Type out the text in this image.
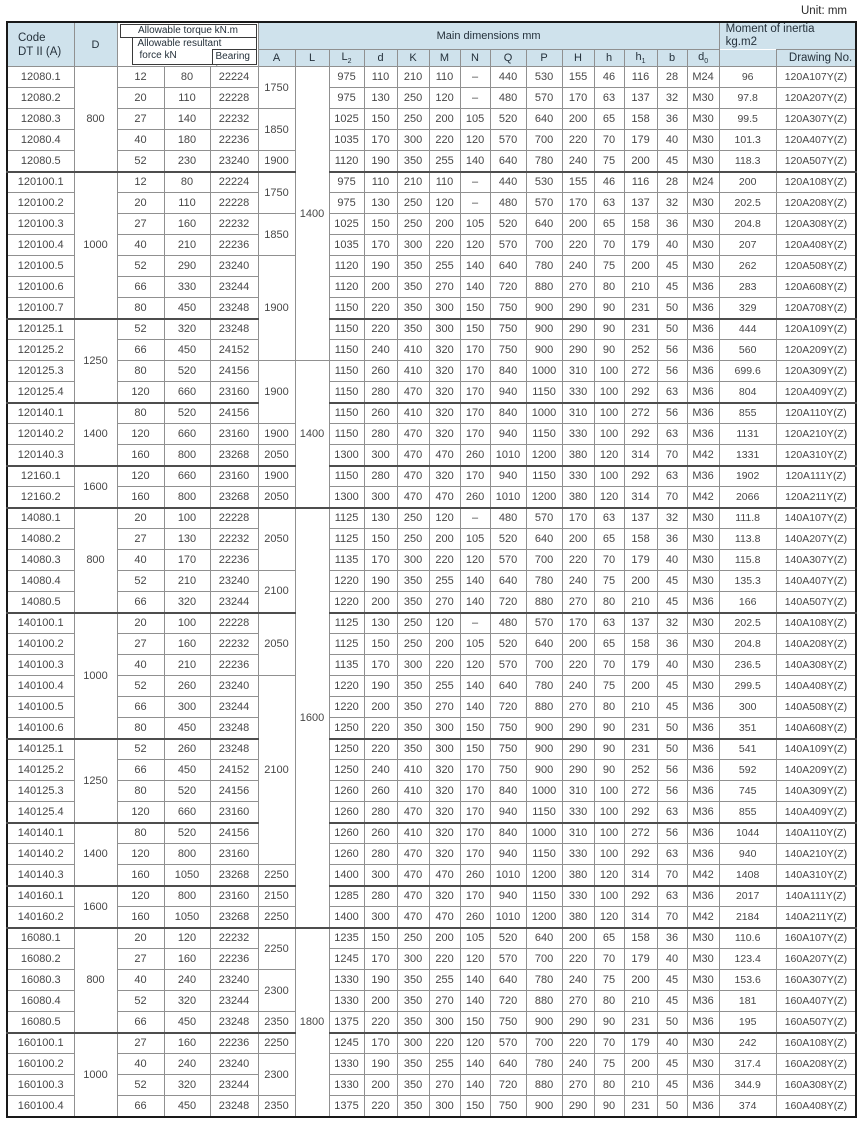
Unit: mm
Code
DT II (A)	D	
Allowable torque kN.m
Allowable resultant
force kN	Bearing
	Main dimensions mm	Moment of inertia
kg.m2
					A	L	$L_2$	d	K	M	N	Q	P	H	h	$h_1$	b	$d_0$		Drawing No.
12080.1	800	12	80	22224	1750	1400	975	110	210	110	–	440	530	155	46	116	28	M24	96	120A107Y(Z)
12080.2		20	110	22228			975	130	250	120	–	480	570	170	63	137	32	M30	97.8	120A207Y(Z)
12080.3		27	140	22232	1850		1025	150	250	200	105	520	640	200	65	158	36	M30	99.5	120A307Y(Z)
12080.4		40	180	22236			1035	170	300	220	120	570	700	220	70	179	40	M30	101.3	120A407Y(Z)
12080.5		52	230	23240	1900		1120	190	350	255	140	640	780	240	75	200	45	M30	118.3	120A507Y(Z)
120100.1	1000	12	80	22224	1750		975	110	210	110	–	440	530	155	46	116	28	M24	200	120A108Y(Z)
120100.2		20	110	22228			975	130	250	120	–	480	570	170	63	137	32	M30	202.5	120A208Y(Z)
120100.3		27	160	22232	1850		1025	150	250	200	105	520	640	200	65	158	36	M30	204.8	120A308Y(Z)
120100.4		40	210	22236			1035	170	300	220	120	570	700	220	70	179	40	M30	207	120A408Y(Z)
120100.5		52	290	23240	1900		1120	190	350	255	140	640	780	240	75	200	45	M30	262	120A508Y(Z)
120100.6		66	330	23244			1120	200	350	270	140	720	880	270	80	210	45	M36	283	120A608Y(Z)
120100.7		80	450	23248			1150	220	350	300	150	750	900	290	90	231	50	M36	329	120A708Y(Z)
120125.1	1250	52	320	23248			1150	220	350	300	150	750	900	290	90	231	50	M36	444	120A109Y(Z)
120125.2		66	450	24152			1150	240	410	320	170	750	900	290	90	252	56	M36	560	120A209Y(Z)
120125.3		80	520	24156	1900	1400	1150	260	410	320	170	840	1000	310	100	272	56	M36	699.6	120A309Y(Z)
120125.4		120	660	23160			1150	280	470	320	170	940	1150	330	100	292	63	M36	804	120A409Y(Z)
120140.1	1400	80	520	24156			1150	260	410	320	170	840	1000	310	100	272	56	M36	855	120A110Y(Z)
120140.2		120	660	23160	1900		1150	280	470	320	170	940	1150	330	100	292	63	M36	1131	120A210Y(Z)
120140.3		160	800	23268	2050		1300	300	470	470	260	1010	1200	380	120	314	70	M42	1331	120A310Y(Z)
12160.1	1600	120	660	23160	1900		1150	280	470	320	170	940	1150	330	100	292	63	M36	1902	120A111Y(Z)
12160.2		160	800	23268	2050		1300	300	470	470	260	1010	1200	380	120	314	70	M42	2066	120A211Y(Z)
14080.1	800	20	100	22228	2050	1600	1125	130	250	120	–	480	570	170	63	137	32	M30	111.8	140A107Y(Z)
14080.2		27	130	22232			1125	150	250	200	105	520	640	200	65	158	36	M30	113.8	140A207Y(Z)
14080.3		40	170	22236			1135	170	300	220	120	570	700	220	70	179	40	M30	115.8	140A307Y(Z)
14080.4		52	210	23240	2100		1220	190	350	255	140	640	780	240	75	200	45	M30	135.3	140A407Y(Z)
14080.5		66	320	23244			1220	200	350	270	140	720	880	270	80	210	45	M36	166	140A507Y(Z)
140100.1	1000	20	100	22228	2050		1125	130	250	120	–	480	570	170	63	137	32	M30	202.5	140A108Y(Z)
140100.2		27	160	22232			1125	150	250	200	105	520	640	200	65	158	36	M30	204.8	140A208Y(Z)
140100.3		40	210	22236			1135	170	300	220	120	570	700	220	70	179	40	M30	236.5	140A308Y(Z)
140100.4		52	260	23240	2100		1220	190	350	255	140	640	780	240	75	200	45	M30	299.5	140A408Y(Z)
140100.5		66	300	23244			1220	200	350	270	140	720	880	270	80	210	45	M36	300	140A508Y(Z)
140100.6		80	450	23248			1250	220	350	300	150	750	900	290	90	231	50	M36	351	140A608Y(Z)
140125.1	1250	52	260	23248			1250	220	350	300	150	750	900	290	90	231	50	M36	541	140A109Y(Z)
140125.2		66	450	24152			1250	240	410	320	170	750	900	290	90	252	56	M36	592	140A209Y(Z)
140125.3		80	520	24156			1260	260	410	320	170	840	1000	310	100	272	56	M36	745	140A309Y(Z)
140125.4		120	660	23160			1260	280	470	320	170	940	1150	330	100	292	63	M36	855	140A409Y(Z)
140140.1	1400	80	520	24156			1260	260	410	320	170	840	1000	310	100	272	56	M36	1044	140A110Y(Z)
140140.2		120	800	23160			1260	280	470	320	170	940	1150	330	100	292	63	M36	940	140A210Y(Z)
140140.3		160	1050	23268	2250		1400	300	470	470	260	1010	1200	380	120	314	70	M42	1408	140A310Y(Z)
140160.1	1600	120	800	23160	2150		1285	280	470	320	170	940	1150	330	100	292	63	M36	2017	140A111Y(Z)
140160.2		160	1050	23268	2250		1400	300	470	470	260	1010	1200	380	120	314	70	M42	2184	140A211Y(Z)
16080.1	800	20	120	22232	2250	1800	1235	150	250	200	105	520	640	200	65	158	36	M30	110.6	160A107Y(Z)
16080.2		27	160	22236			1245	170	300	220	120	570	700	220	70	179	40	M30	123.4	160A207Y(Z)
16080.3		40	240	23240	2300		1330	190	350	255	140	640	780	240	75	200	45	M30	153.6	160A307Y(Z)
16080.4		52	320	23244			1330	200	350	270	140	720	880	270	80	210	45	M36	181	160A407Y(Z)
16080.5		66	450	23248	2350		1375	220	350	300	150	750	900	290	90	231	50	M36	195	160A507Y(Z)
160100.1	1000	27	160	22236	2250		1245	170	300	220	120	570	700	220	70	179	40	M30	242	160A108Y(Z)
160100.2		40	240	23240	2300		1330	190	350	255	140	640	780	240	75	200	45	M30	317.4	160A208Y(Z)
160100.3		52	320	23244			1330	200	350	270	140	720	880	270	80	210	45	M36	344.9	160A308Y(Z)
160100.4		66	450	23248	2350		1375	220	350	300	150	750	900	290	90	231	50	M36	374	160A408Y(Z)
